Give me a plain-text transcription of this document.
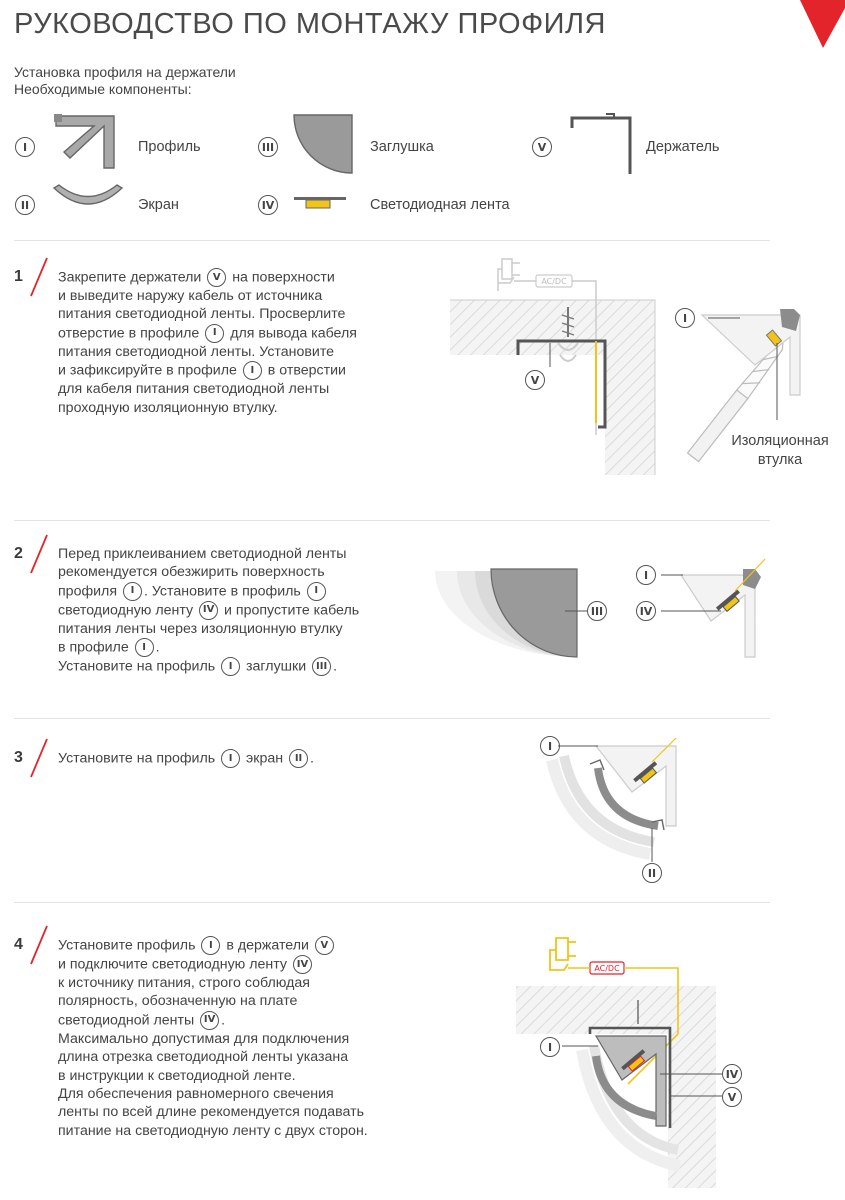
РУКОВОДСТВО ПО МОНТАЖУ ПРОФИЛЯ
Установка профиля на держатели
Необходимые компоненты:
I	Профиль
II	Экран
III	Заглушка
IV	Светодиодная лента
V	Держатель
1 Закрепите держатели V на поверхности
и выведите наружу кабель от источника
питания светодиодной ленты. Просверлите
отверстие в профиле I для вывода кабеля
питания светодиодной ленты. Установите
и зафиксируйте в профиле I в отверстии
для кабеля питания светодиодной ленты
проходную изоляционную втулку.
AC/DC
V
I
Изоляционная
втулка
2 Перед приклеиванием светодиодной ленты
рекомендуется обезжирить поверхность
профиля I . Установите в профиль I
светодиодную ленту IV и пропустите кабель
питания ленты через изоляционную втулку
в профиле I .
Установите на профиль I заглушки III .
III
I
IV
3 Установите на профиль I экран II .
I
II
4 Установите профиль I в держатели V
и подключите светодиодную ленту IV
к источнику питания, строго соблюдая
полярность, обозначенную на плате
светодиодной ленты IV .
Максимально допустимая для подключения
длина отрезка светодиодной ленты указана
в инструкции к светодиодной ленте.
Для обеспечения равномерного свечения
ленты по всей длине рекомендуется подавать
питание на светодиодную ленту с двух сторон.
AC/DC
I
IV
V
